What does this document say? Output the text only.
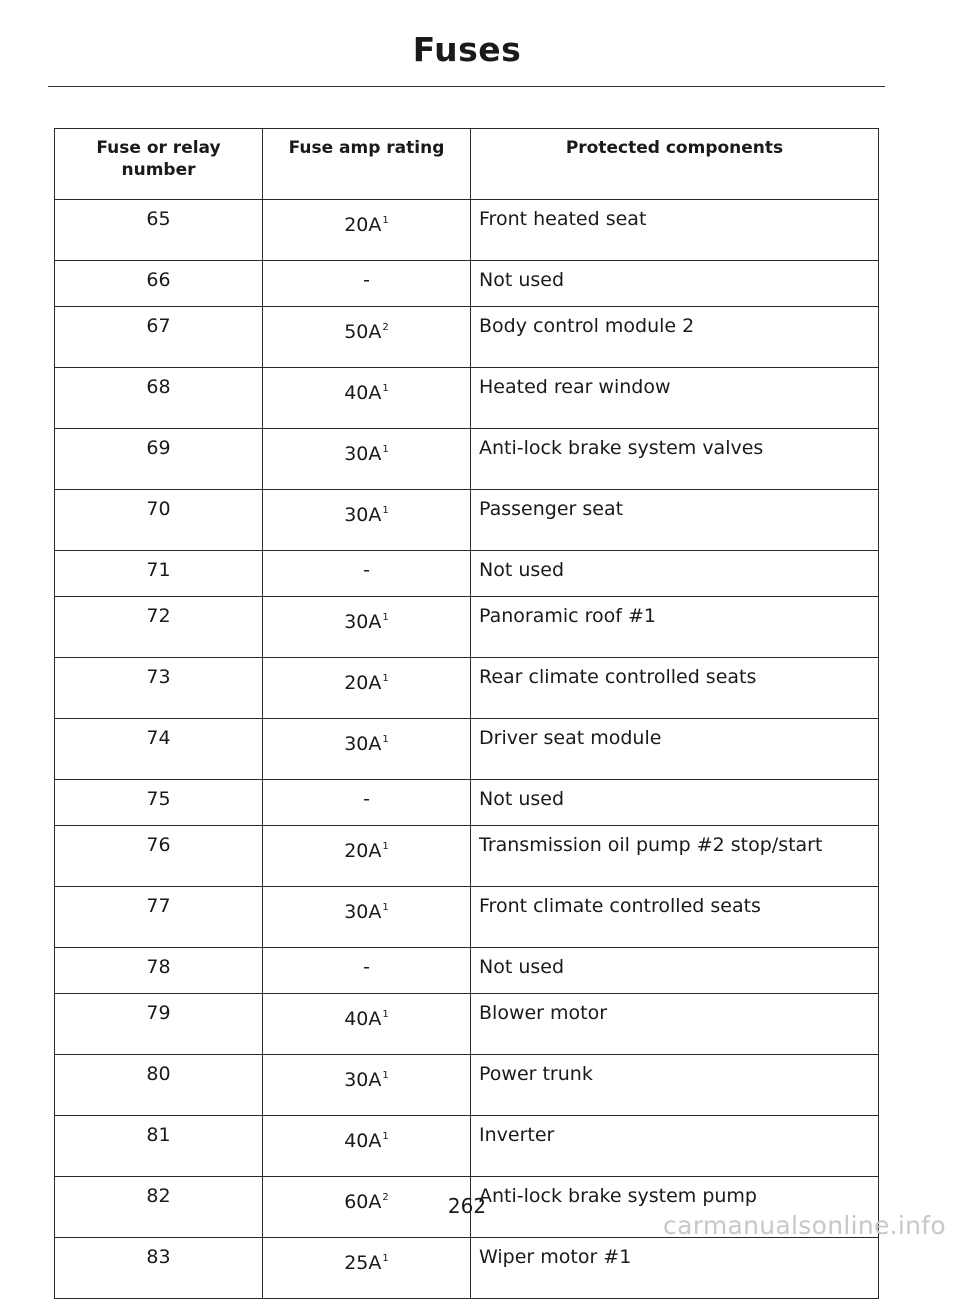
Fuses
Fuse or relay number	Fuse amp rating	Protected components
65	$20A^1$	Front heated seat
66	-	Not used
67	$50A^2$	Body control module 2
68	$40A^1$	Heated rear window
69	$30A^1$	Anti-lock brake system valves
70	$30A^1$	Passenger seat
71	-	Not used
72	$30A^1$	Panoramic roof #1
73	$20A^1$	Rear climate controlled seats
74	$30A^1$	Driver seat module
75	-	Not used
76	$20A^1$	Transmission oil pump #2 stop/start
77	$30A^1$	Front climate controlled seats
78	-	Not used
79	$40A^1$	Blower motor
80	$30A^1$	Power trunk
81	$40A^1$	Inverter
82	$60A^2$	Anti-lock brake system pump
83	$25A^1$	Wiper motor #1
262
carmanualsonline.info
